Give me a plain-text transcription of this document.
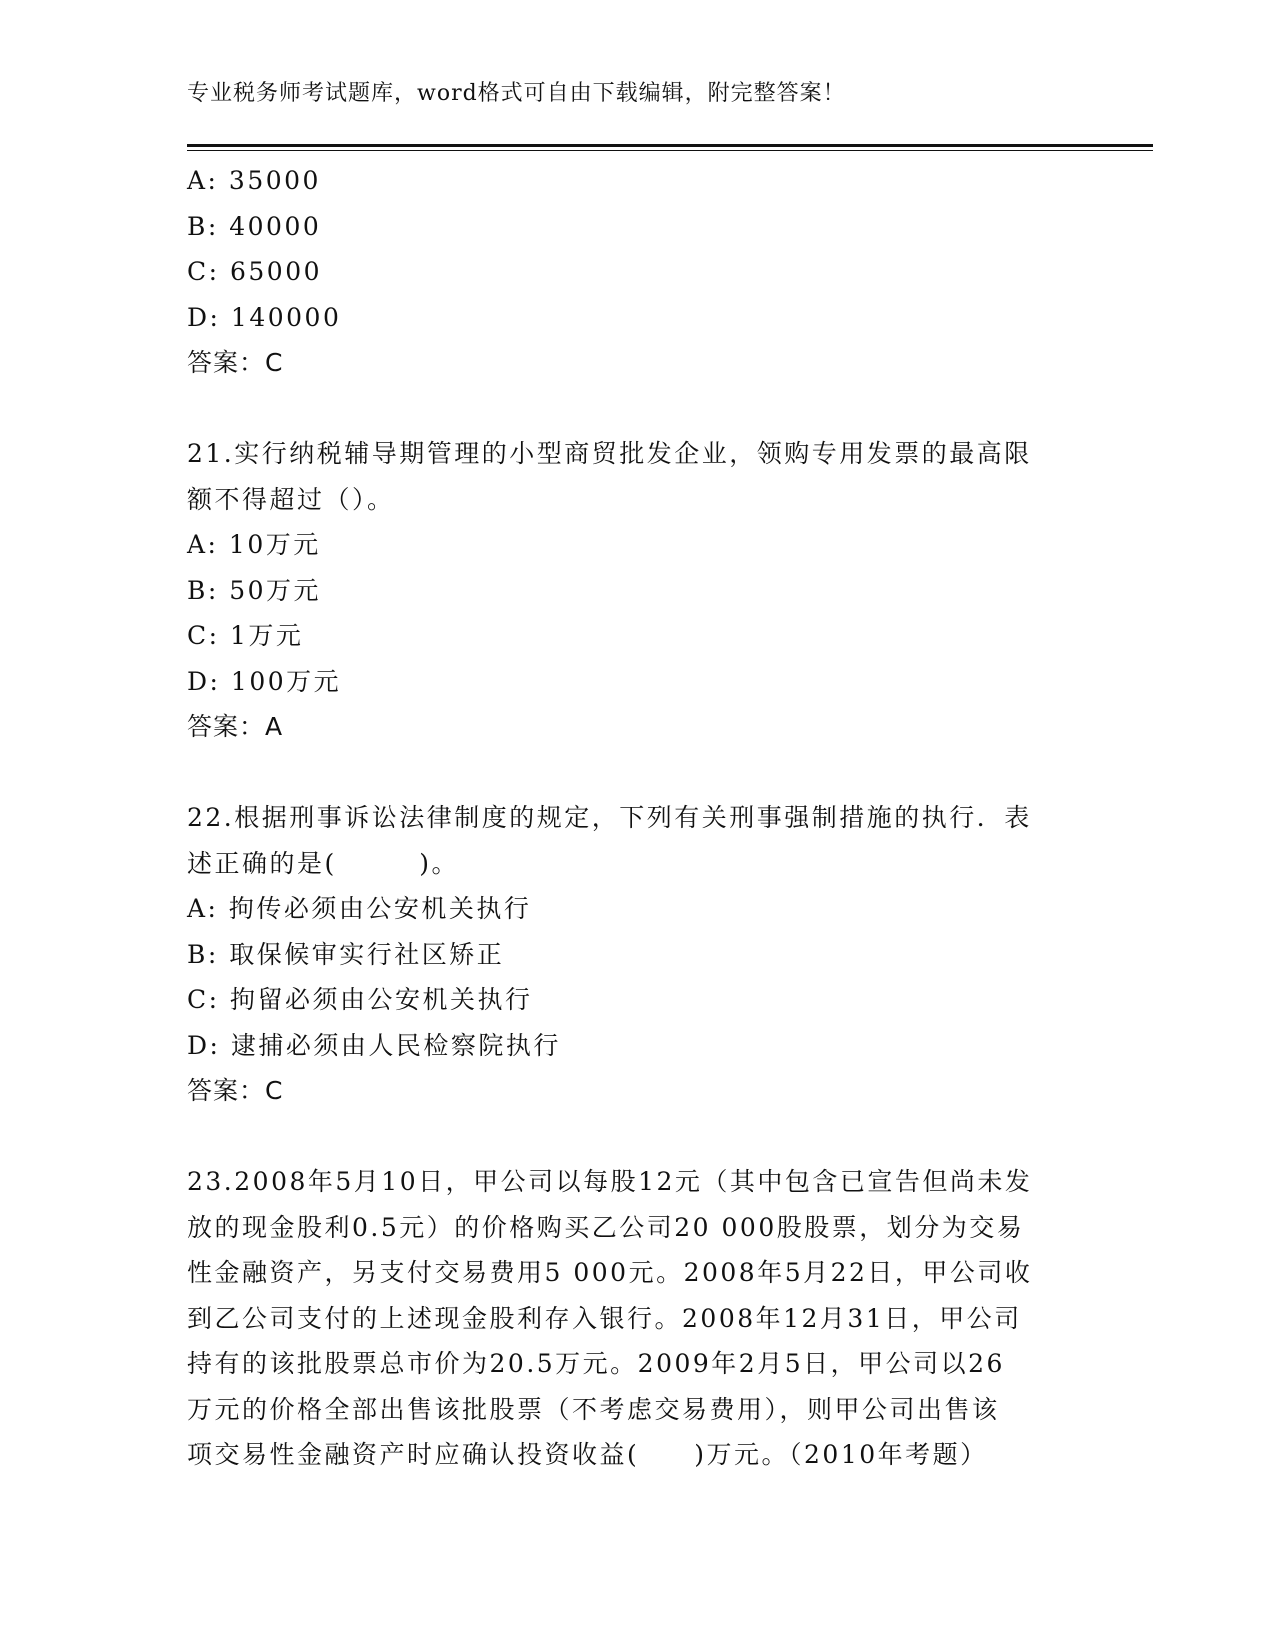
专业税务师考试题库，word格式可自由下载编辑，附完整答案！
A: 35000
B: 40000
C: 65000
D: 140000
答案：C
21.实行纳税辅导期管理的小型商贸批发企业，领购专用发票的最高限
额不得超过（）。
A: 10万元
B: 50万元
C: 1万元
D: 100万元
答案：A
22.根据刑事诉讼法律制度的规定，下列有关刑事强制措施的执行．表
述正确的是(　　　)。
A: 拘传必须由公安机关执行
B: 取保候审实行社区矫正
C: 拘留必须由公安机关执行
D: 逮捕必须由人民检察院执行
答案：C
23.2008年5月10日，甲公司以每股12元（其中包含已宣告但尚未发
放的现金股利0.5元）的价格购买乙公司20 000股股票，划分为交易
性金融资产，另支付交易费用5 000元。2008年5月22日，甲公司收
到乙公司支付的上述现金股利存入银行。2008年12月31日，甲公司
持有的该批股票总市价为20.5万元。2009年2月5日，甲公司以26
万元的价格全部出售该批股票（不考虑交易费用），则甲公司出售该
项交易性金融资产时应确认投资收益(　　)万元。（2010年考题）
